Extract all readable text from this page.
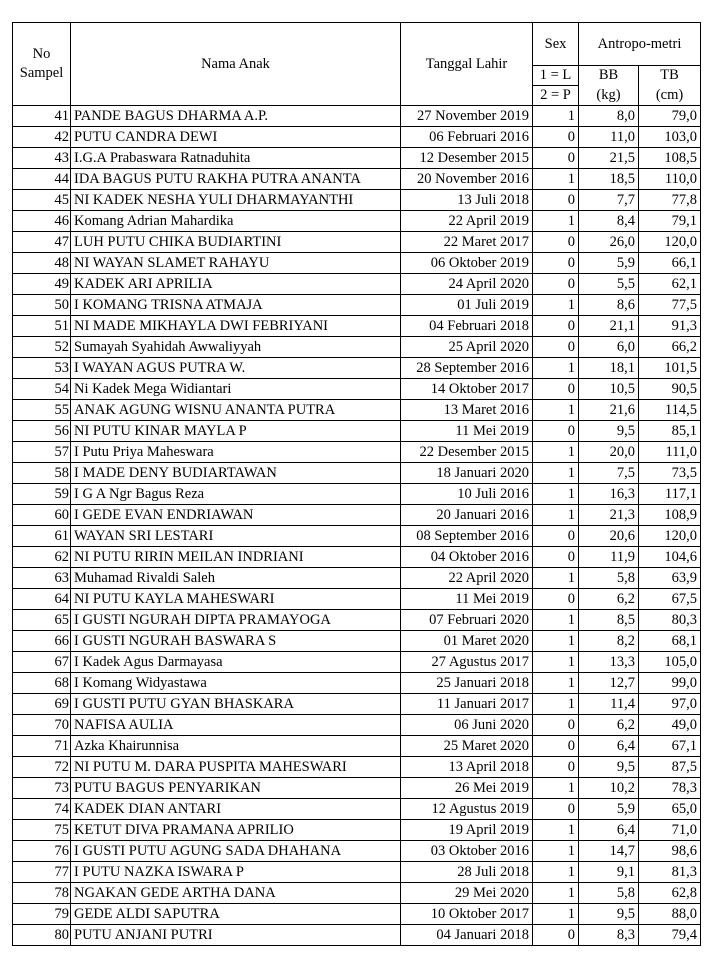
No
Sampel	Nama Anak	Tanggal Lahir	Sex	Antropo-metri	
			1 = L	BB	TB
			2 = P	(kg)	(cm)
41	PANDE BAGUS DHARMA A.P.	27 November 2019	1	8,0	79,0
42	PUTU CANDRA DEWI	06 Februari 2016	0	11,0	103,0
43	I.G.A Prabaswara Ratnaduhita	12 Desember 2015	0	21,5	108,5
44	IDA BAGUS PUTU RAKHA PUTRA ANANTA	20 November 2016	1	18,5	110,0
45	NI KADEK NESHA YULI DHARMAYANTHI	13 Juli 2018	0	7,7	77,8
46	Komang Adrian Mahardika	22 April 2019	1	8,4	79,1
47	LUH PUTU CHIKA BUDIARTINI	22 Maret 2017	0	26,0	120,0
48	NI WAYAN SLAMET RAHAYU	06 Oktober 2019	0	5,9	66,1
49	KADEK ARI APRILIA	24 April 2020	0	5,5	62,1
50	I KOMANG TRISNA ATMAJA	01 Juli 2019	1	8,6	77,5
51	NI MADE MIKHAYLA DWI FEBRIYANI	04 Februari 2018	0	21,1	91,3
52	Sumayah Syahidah Awwaliyyah	25 April 2020	0	6,0	66,2
53	I WAYAN AGUS PUTRA W.	28 September 2016	1	18,1	101,5
54	Ni Kadek Mega Widiantari	14 Oktober 2017	0	10,5	90,5
55	ANAK AGUNG WISNU ANANTA PUTRA	13 Maret 2016	1	21,6	114,5
56	NI PUTU KINAR MAYLA P	11 Mei 2019	0	9,5	85,1
57	I Putu Priya Maheswara	22 Desember 2015	1	20,0	111,0
58	I MADE DENY BUDIARTAWAN	18 Januari 2020	1	7,5	73,5
59	I G A Ngr Bagus Reza	10 Juli 2016	1	16,3	117,1
60	I GEDE EVAN ENDRIAWAN	20 Januari 2016	1	21,3	108,9
61	WAYAN SRI LESTARI	08 September 2016	0	20,6	120,0
62	NI PUTU RIRIN MEILAN INDRIANI	04 Oktober 2016	0	11,9	104,6
63	Muhamad Rivaldi Saleh	22 April 2020	1	5,8	63,9
64	NI PUTU KAYLA MAHESWARI	11 Mei 2019	0	6,2	67,5
65	I GUSTI NGURAH DIPTA PRAMAYOGA	07 Februari 2020	1	8,5	80,3
66	I GUSTI NGURAH BASWARA S	01 Maret 2020	1	8,2	68,1
67	I Kadek Agus Darmayasa	27 Agustus 2017	1	13,3	105,0
68	I Komang Widyastawa	25 Januari 2018	1	12,7	99,0
69	I GUSTI PUTU GYAN BHASKARA	11 Januari 2017	1	11,4	97,0
70	NAFISA AULIA	06 Juni 2020	0	6,2	49,0
71	Azka Khairunnisa	25 Maret 2020	0	6,4	67,1
72	NI PUTU M. DARA PUSPITA MAHESWARI	13 April 2018	0	9,5	87,5
73	PUTU BAGUS PENYARIKAN	26 Mei 2019	1	10,2	78,3
74	KADEK DIAN ANTARI	12 Agustus 2019	0	5,9	65,0
75	KETUT DIVA PRAMANA APRILIO	19 April 2019	1	6,4	71,0
76	I GUSTI PUTU AGUNG SADA DHAHANA	03 Oktober 2016	1	14,7	98,6
77	I PUTU NAZKA ISWARA P	28 Juli 2018	1	9,1	81,3
78	NGAKAN GEDE ARTHA DANA	29 Mei 2020	1	5,8	62,8
79	GEDE ALDI SAPUTRA	10 Oktober 2017	1	9,5	88,0
80	PUTU ANJANI PUTRI	04 Januari 2018	0	8,3	79,4
